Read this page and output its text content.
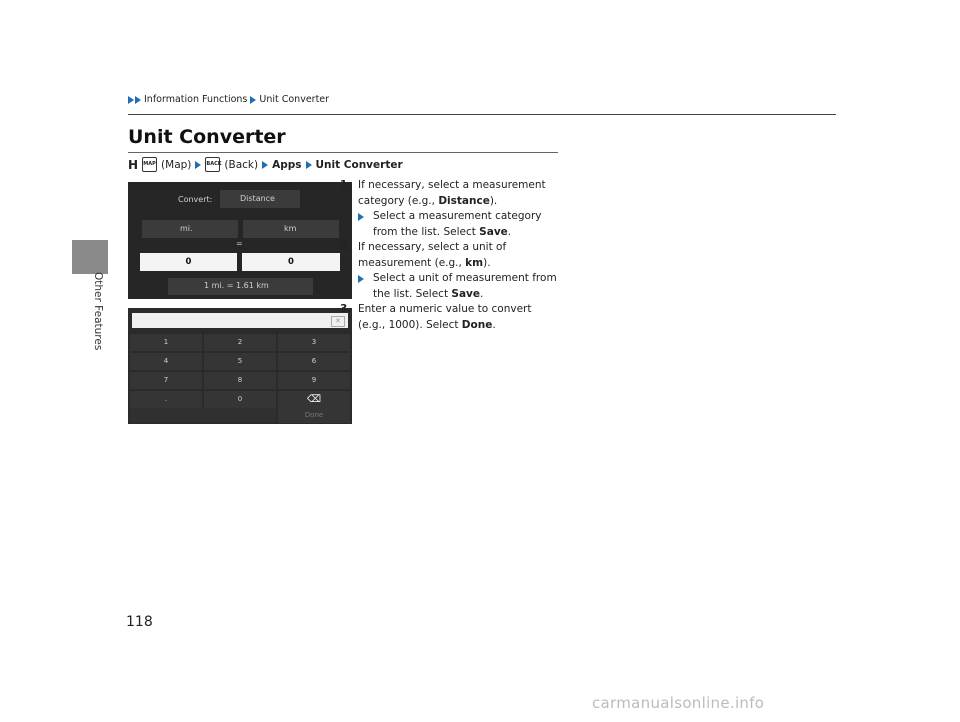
Other Features
Information Functions Unit Converter
Unit Converter
H MAP (Map)	BACK (Back) Apps Unit Converter
Convert:	Distance
mi.	km
=
0	0
1 mi. = 1.61 km
✕
1	2	3
4	5	6
7	8	9
.	0	⌫
Done
1. If necessary, select a measurement category (e.g., Distance).
Select a measurement category from the list. Select Save.
2. If necessary, select a unit of measurement (e.g., km).
Select a unit of measurement from the list. Select Save.
3. Enter a numeric value to convert (e.g., 1000). Select Done.
118
carmanualsonline.info
